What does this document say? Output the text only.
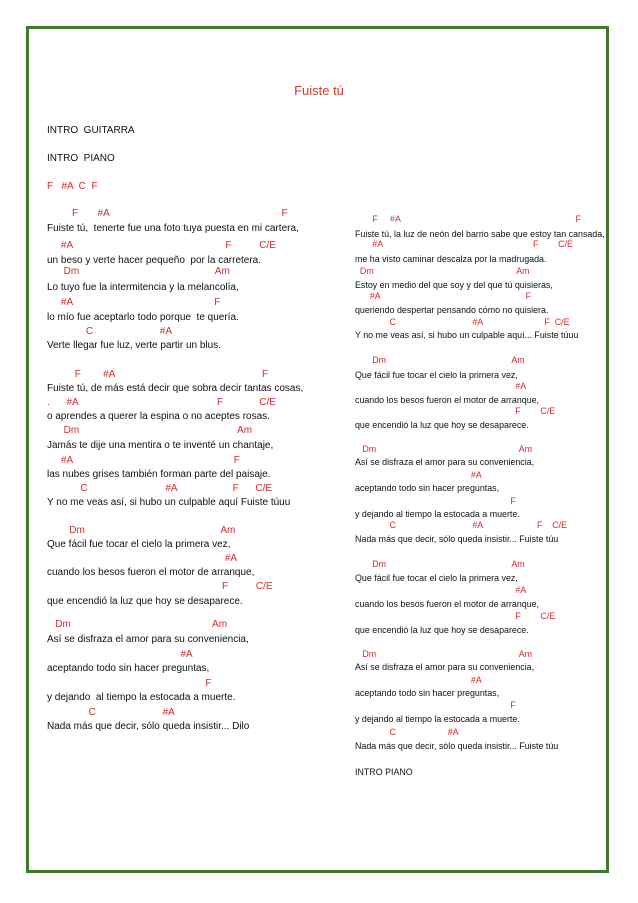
Fuiste tú
INTRO  GUITARRA
INTRO  PIANO
F   #A  C  F
F       #A                                                              F
Fuiste tú,  tenerte fue una foto tuya puesta en mi cartera,
#A                                                       F          C/E
un beso y verte hacer pequeño  por la carretera.
Dm                                                 Am
Lo tuyo fue la intermitencia y la melancolía,
#A                                                   F
lo mío fue aceptarlo todo porque  te quería.
C                        #A
Verte llegar fue luz, verte partir un blus.
F        #A                                                     F
Fuiste tú, de más está decir que sobra decir tantas cosas,
.      #A                                                  F             C/E
o aprendes a querer la espina o no aceptes rosas.
Dm                                                         Am
Jamás te dije una mentira o te inventé un chantaje,
#A                                                          F
las nubes grises también forman parte del paisaje.
C                            #A                    F      C/E
Y no me veas así, si hubo un culpable aquí Fuiste túuu
Dm                                                 Am
Que fácil fue tocar el cielo la primera vez,
#A
cuando los besos fueron el motor de arranque,
F          C/E
que encendió la luz que hoy se desaparece.
Dm                                                   Am
Así se disfraza el amor para su conveniencia,
#A
aceptando todo sin hacer preguntas,
F
y dejando  al tiempo la estocada a muerte.
C                        #A
Nada más que decir, sólo queda insistir... Dilo
F     #A                                                                       F
Fuiste tú, la luz de neón del barrio sabe que estoy tan cansada,
#A                                                             F        C/E
me ha visto caminar descalza por la madrugada.
Dm                                                          Am
Estoy en medio del que soy y del que tú quisieras,
#A                                                           F
queriendo despertar pensando cómo no quisiera.
C                               #A                         F  C/E
Y no me veas así, si hubo un culpable aquí... Fuiste túuu
Dm                                                   Am
Que fácil fue tocar el cielo la primera vez,
#A
cuando los besos fueron el motor de arranque,
F        C/E
que encendió la luz que hoy se desaparece.
Dm                                                          Am
Así se disfraza el amor para su conveniencia,
#A
aceptando todo sin hacer preguntas,
F
y dejando al tiempo la estocada a muerte.
C                               #A                      F    C/E
Nada más que decir, sólo queda insistir... Fuiste túu
Dm                                                   Am
Que fácil fue tocar el cielo la primera vez,
#A
cuando los besos fueron el motor de arranque,
F        C/E
que encendió la luz que hoy se desaparece.
Dm                                                          Am
Así se disfraza el amor para su conveniencia,
#A
aceptando todo sin hacer preguntas,
F
y dejando al tiempo la estocada a muerte.
C                     #A
Nada más que decir, sólo queda insistir... Fuiste túu
INTRO PIANO
